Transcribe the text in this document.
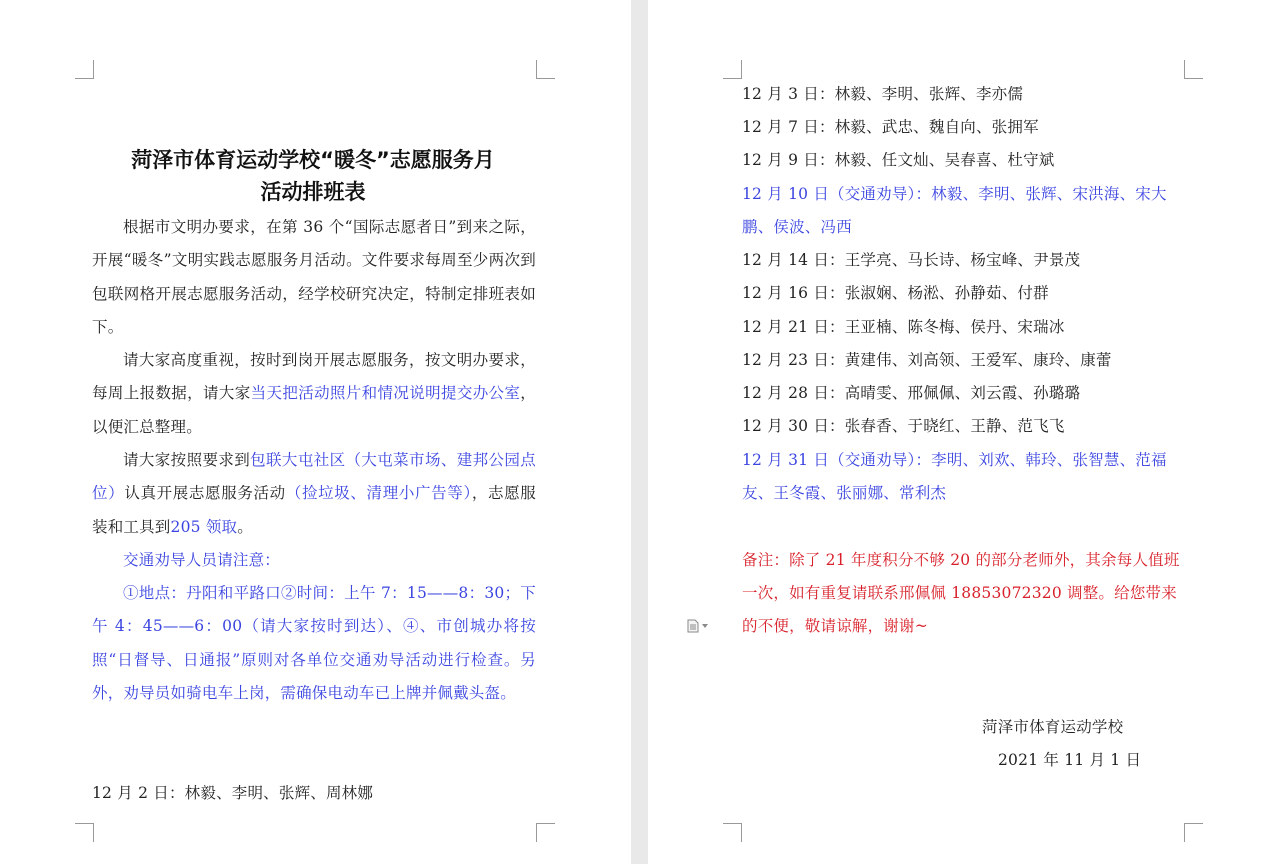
菏泽市体育运动学校“暖冬”志愿服务月
活动排班表

根据市文明办要求，在第 36 个“国际志愿者日”到来之际，开展“暖冬”文明实践志愿服务月活动。文件要求每周至少两次到包联网格开展志愿服务活动，经学校研究决定，特制定排班表如下。

请大家高度重视，按时到岗开展志愿服务，按文明办要求，每周上报数据，请大家当天把活动照片和情况说明提交办公室，以便汇总整理。

请大家按照要求到包联大屯社区（大屯菜市场、建邦公园点位）认真开展志愿服务活动（捡垃圾、清理小广告等），志愿服装和工具到205 领取。

交通劝导人员请注意：

①地点：丹阳和平路口②时间：上午 7：15——8：30；下午 4：45——6：00（请大家按时到达）、④、市创城办将按照“日督导、日通报”原则对各单位交通劝导活动进行检查。另外，劝导员如骑电车上岗，需确保电动车已上牌并佩戴头盔。

12 月 2 日：林毅、李明、张辉、周林娜
12 月 3 日：林毅、李明、张辉、李亦儒
12 月 7 日：林毅、武忠、魏自向、张拥军
12 月 9 日：林毅、任文灿、吴春喜、杜守斌
12 月 10 日（交通劝导）：林毅、李明、张辉、宋洪海、宋大鹏、侯波、冯西
12 月 14 日：王学亮、马长诗、杨宝峰、尹景茂
12 月 16 日：张淑娴、杨淞、孙静茹、付群
12 月 21 日：王亚楠、陈冬梅、侯丹、宋瑞冰
12 月 23 日：黄建伟、刘高领、王爱军、康玲、康蕾
12 月 28 日：高晴雯、邢佩佩、刘云霞、孙璐璐
12 月 30 日：张春香、于晓红、王静、范飞飞
12 月 31 日（交通劝导）：李明、刘欢、韩玲、张智慧、范福友、王冬霞、张丽娜、常利杰
备注：除了 21 年度积分不够 20 的部分老师外，其余每人值班一次，如有重复请联系邢佩佩 18853072320 调整。给您带来的不便，敬请谅解，谢谢~
菏泽市体育运动学校
2021 年 11 月 1 日
